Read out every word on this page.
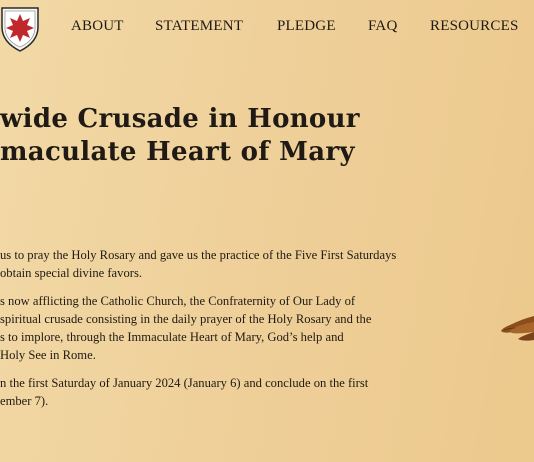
ABOUT STATEMENT PLEDGE FAQ RESOURCES
wide Crusade in Honour
maculate Heart of Mary

us to pray the Holy Rosary and gave us the practice of the Five First Saturdays
obtain special divine favors.

s now afflicting the Catholic Church, the Confraternity of Our Lady of
spiritual crusade consisting in the daily prayer of the Holy Rosary and the
s to implore, through the Immaculate Heart of Mary, God’s help and
Holy See in Rome.

n the first Saturday of January 2024 (January 6) and conclude on the first
ember 7).
